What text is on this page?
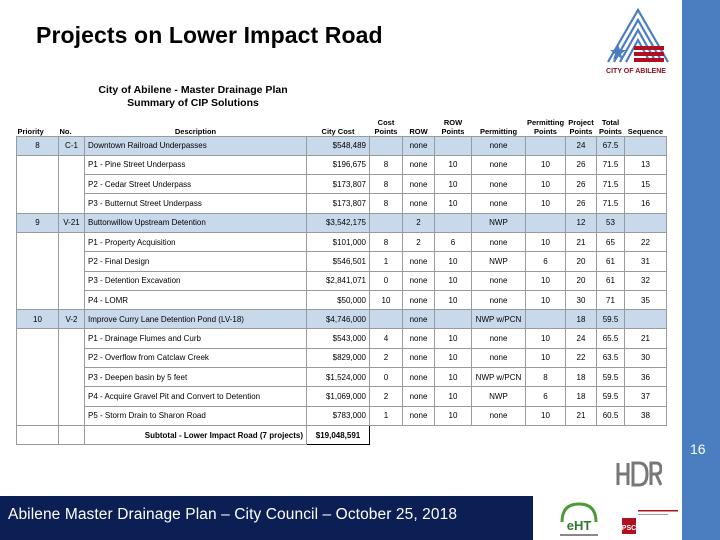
Projects on Lower Impact Road
CITY OF ABILENE
City of Abilene - Master Drainage Plan
Summary of CIP Solutions
Priority	No.	Description	City Cost	Cost Points	ROW	ROW Points	Permitting	Permitting Points	Project Points	Total Points	Sequence
8	C-1	Downtown Railroad Underpasses	$548,489		none		none		24	67.5	
		P1 - Pine Street Underpass	$196,675	8	none	10	none	10	26	71.5	13
		P2 - Cedar Street Underpass	$173,807	8	none	10	none	10	26	71.5	15
		P3 - Butternut Street Underpass	$173,807	8	none	10	none	10	26	71.5	16
9	V-21	Buttonwillow Upstream Detention	$3,542,175		2		NWP		12	53	
		P1 - Property Acquisition	$101,000	8	2	6	none	10	21	65	22
		P2 - Final Design	$546,501	1	none	10	NWP	6	20	61	31
		P3 - Detention Excavation	$2,841,071	0	none	10	none	10	20	61	32
		P4 - LOMR	$50,000	10	none	10	none	10	30	71	35
10	V-2	Improve Curry Lane Detention Pond (LV-18)	$4,746,000		none		NWP w/PCN		18	59.5	
		P1 - Drainage Flumes and Curb	$543,000	4	none	10	none	10	24	65.5	21
		P2 - Overflow from Catclaw Creek	$829,000	2	none	10	none	10	22	63.5	30
		P3 - Deepen basin by 5 feet	$1,524,000	0	none	10	NWP w/PCN	8	18	59.5	36
		P4 - Acquire Gravel Pit and Convert to Detention	$1,069,000	2	none	10	NWP	6	18	59.5	37
		P5 - Storm Drain to Sharon Road	$783,000	1	none	10	none	10	21	60.5	38
		Subtotal - Lower Impact Road (7 projects)	$19,048,591								
16
Abilene Master Drainage Plan – City Council – October 25, 2018
eHT	PSC
